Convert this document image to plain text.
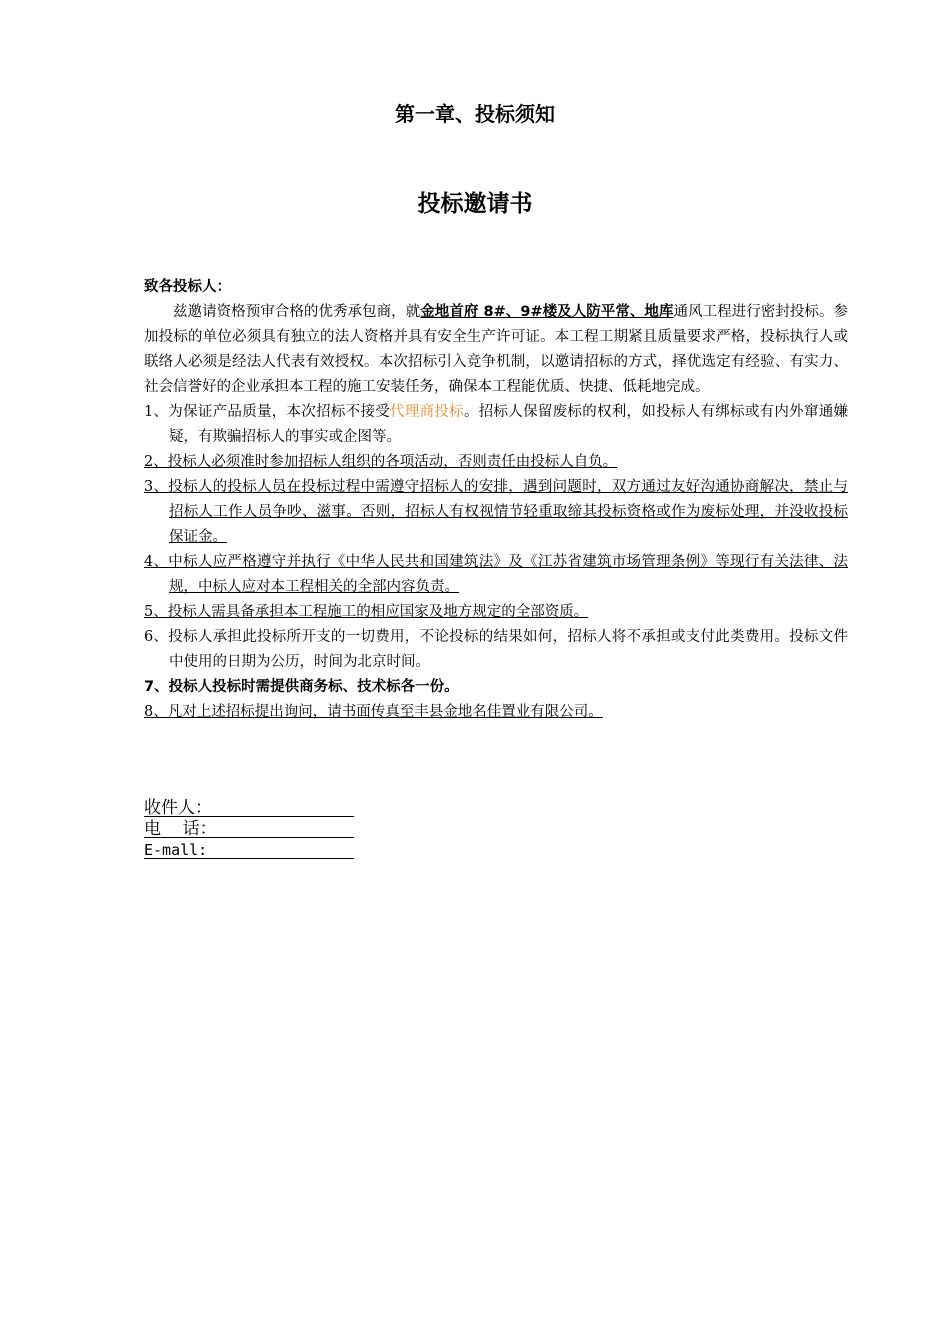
第一章、投标须知
投标邀请书
致各投标人：
兹邀请资格预审合格的优秀承包商，就金地首府 8#、9#楼及人防平常、地库通风工程进行密封投标。参加投标的单位必须具有独立的法人资格并具有安全生产许可证。本工程工期紧且质量要求严格，投标执行人或联络人必须是经法人代表有效授权。本次招标引入竞争机制，以邀请招标的方式，择优选定有经验、有实力、社会信誉好的企业承担本工程的施工安装任务，确保本工程能优质、快捷、低耗地完成。
1、为保证产品质量，本次招标不接受代理商投标。招标人保留废标的权利，如投标人有绑标或有内外窜通嫌疑，有欺骗招标人的事实或企图等。
2、投标人必须准时参加招标人组织的各项活动，否则责任由投标人自负。
3、投标人的投标人员在投标过程中需遵守招标人的安排，遇到问题时，双方通过友好沟通协商解决，禁止与招标人工作人员争吵、滋事。否则，招标人有权视情节轻重取缔其投标资格或作为废标处理，并没收投标保证金。
4、中标人应严格遵守并执行《中华人民共和国建筑法》及《江苏省建筑市场管理条例》等现行有关法律、法规，中标人应对本工程相关的全部内容负责。
5、投标人需具备承担本工程施工的相应国家及地方规定的全部资质。
6、投标人承担此投标所开支的一切费用，不论投标的结果如何，招标人将不承担或支付此类费用。投标文件中使用的日期为公历，时间为北京时间。
7、投标人投标时需提供商务标、技术标各一份。
8、凡对上述招标提出询问，请书面传真至丰县金地名佳置业有限公司。
收件人：
电    话：
E-mall:
